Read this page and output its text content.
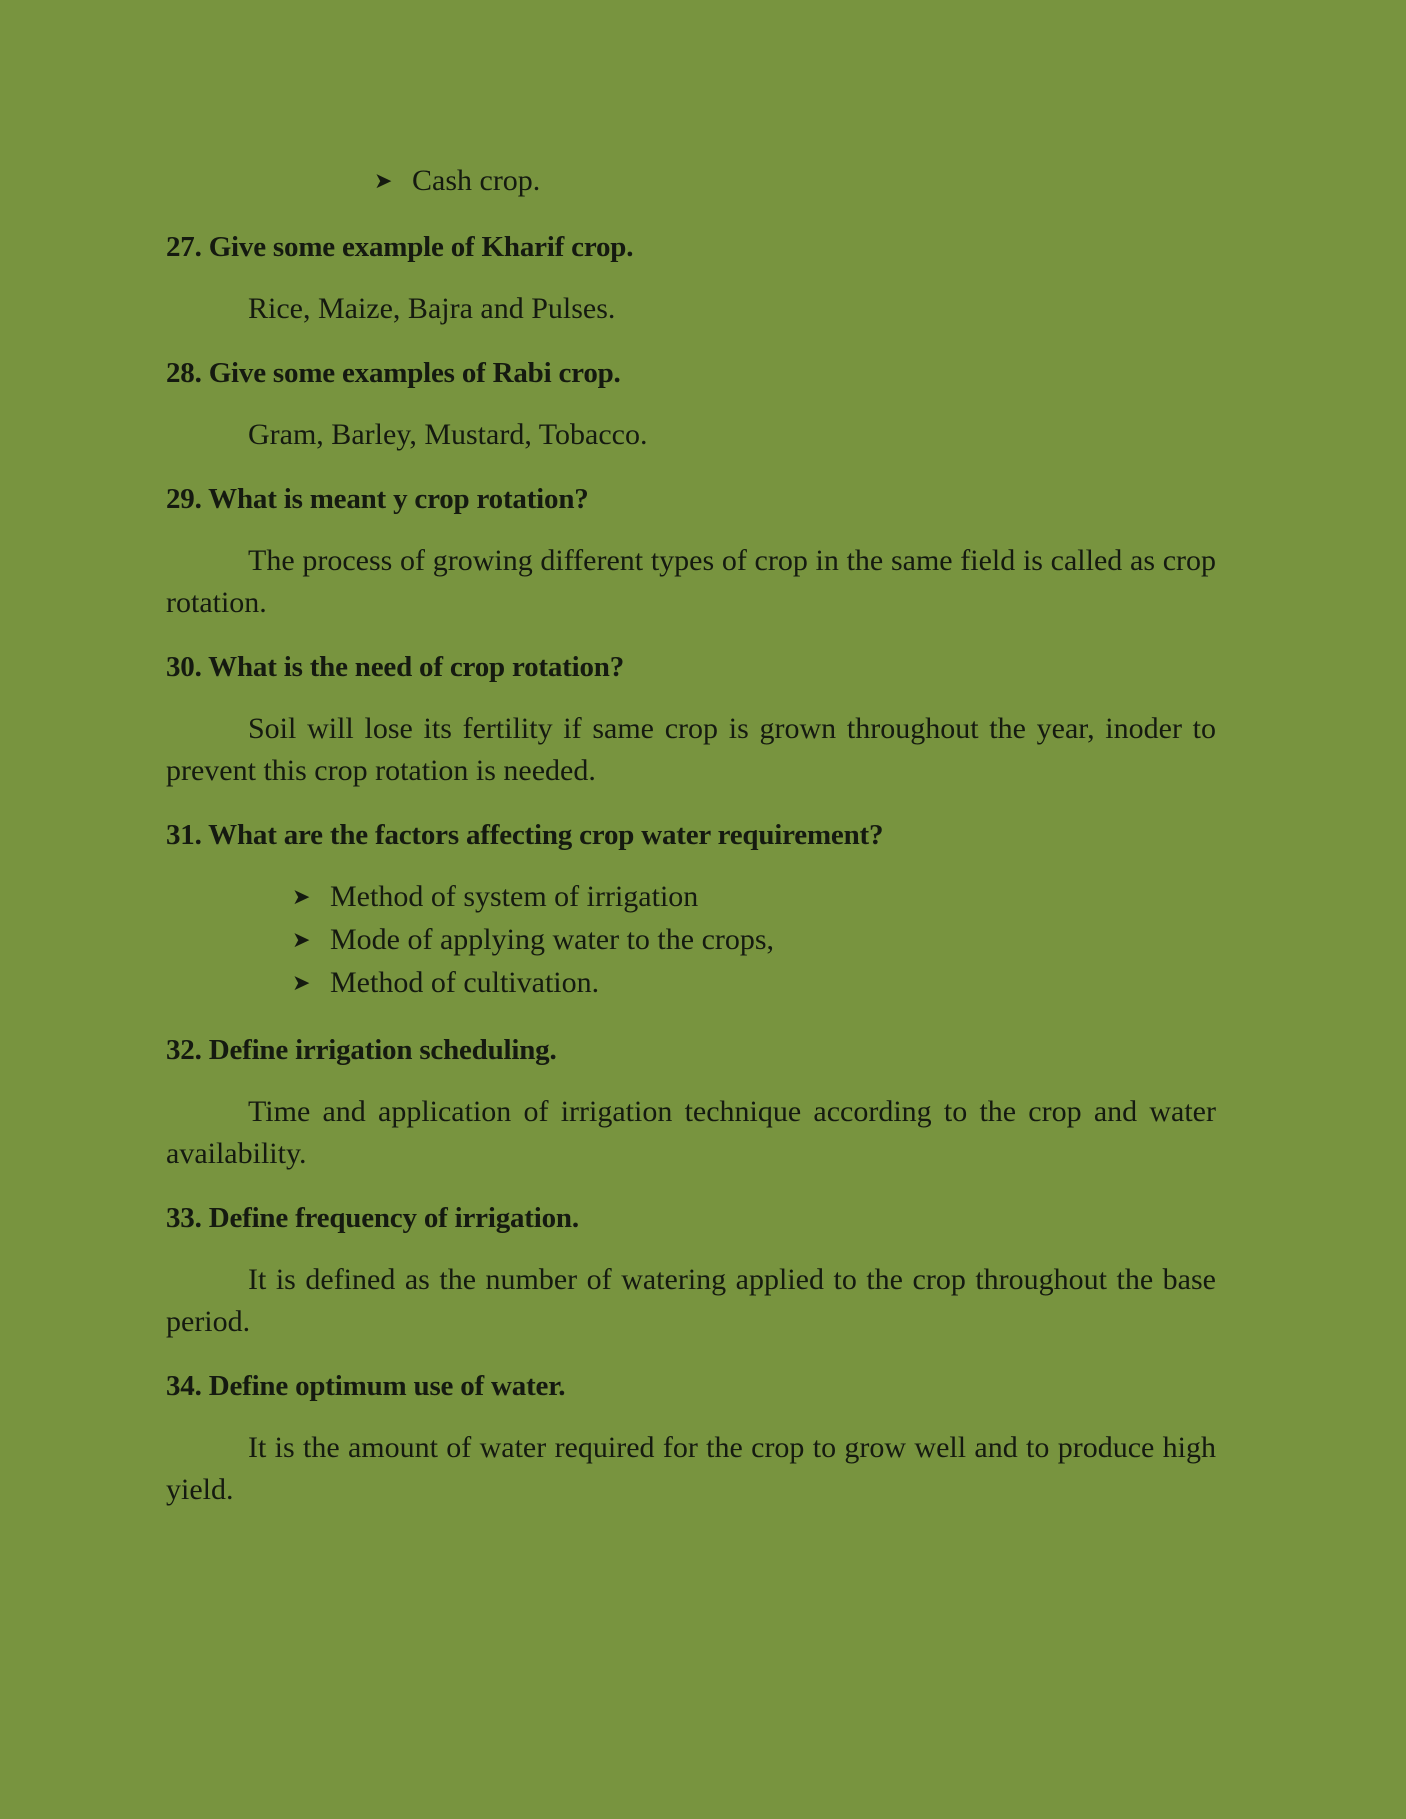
➤ Cash crop.

27. Give some example of Kharif crop.

Rice, Maize, Bajra and Pulses.

28. Give some examples of Rabi crop.

Gram, Barley, Mustard, Tobacco.

29. What is meant y crop rotation?

The process of growing different types of crop in the same field is called as crop rotation.

30. What is the need of crop rotation?

Soil will lose its fertility if same crop is grown throughout the year, inoder to prevent this crop rotation is needed.

31. What are the factors affecting crop water requirement?

➤ Method of system of irrigation
➤ Mode of applying water to the crops,
➤ Method of cultivation.

32. Define irrigation scheduling.

Time and application of irrigation technique according to the crop and water availability.

33. Define frequency of irrigation.

It is defined as the number of watering applied to the crop throughout the base period.

34. Define optimum use of water.

It is the amount of water required for the crop to grow well and to produce high yield.
